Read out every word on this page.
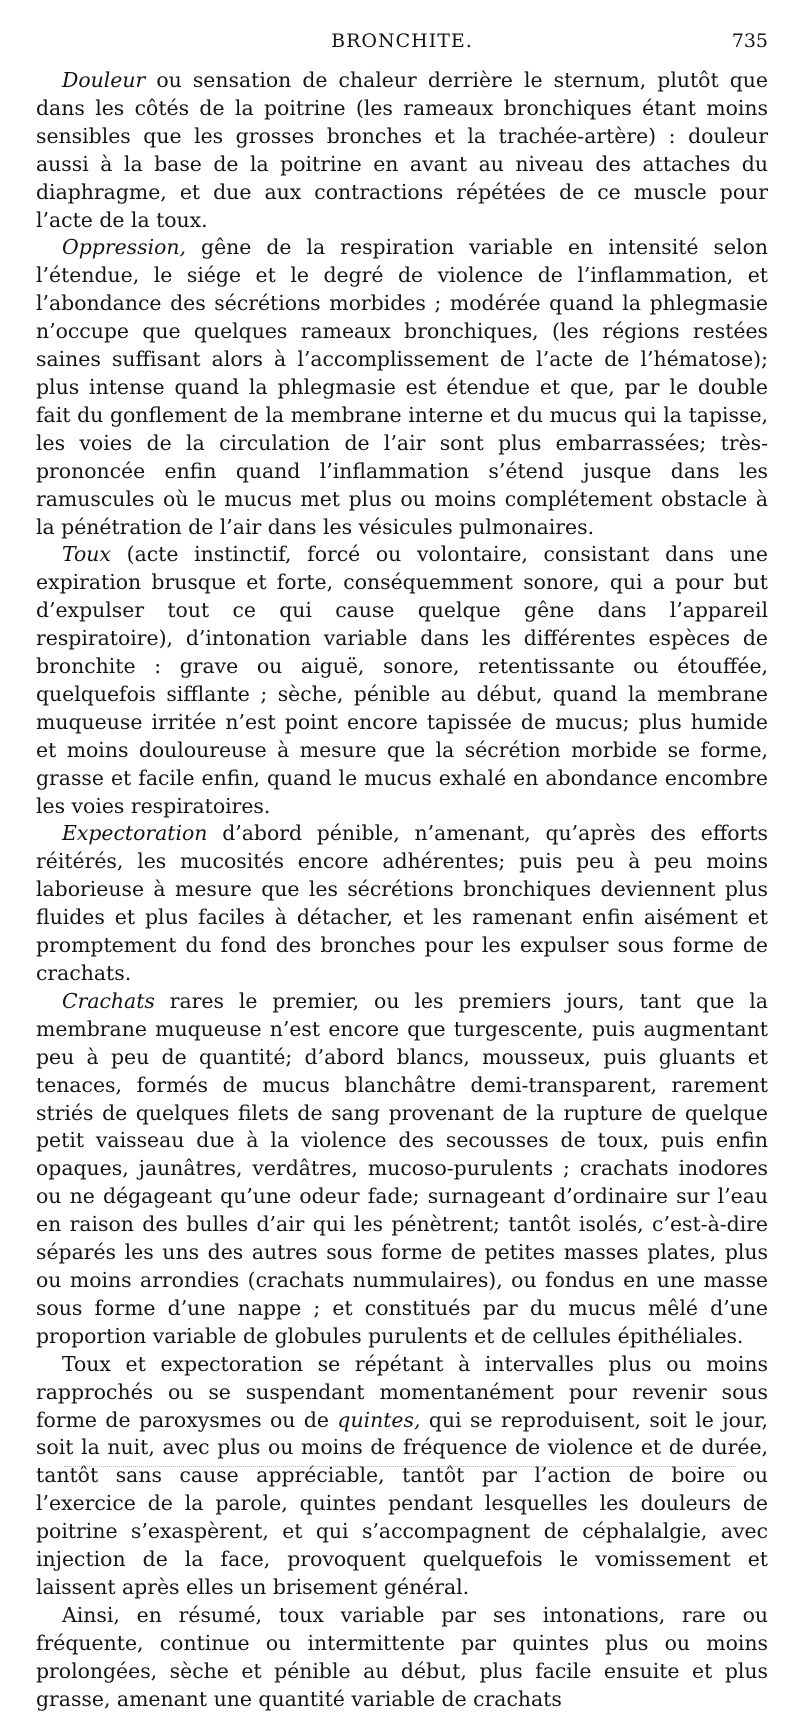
BRONCHITE.	735

Douleur ou sensation de chaleur derrière le sternum, plutôt que dans les côtés de la poitrine (les rameaux bronchiques étant moins sensibles que les grosses bronches et la trachée-artère) : douleur aussi à la base de la poitrine en avant au niveau des attaches du diaphragme, et due aux contractions répétées de ce muscle pour l’acte de la toux.

Oppression, gêne de la respiration variable en intensité selon l’étendue, le siége et le degré de violence de l’inflammation, et l’abondance des sécrétions morbides ; modérée quand la phlegmasie n’occupe que quelques rameaux bronchiques, (les régions restées saines suffisant alors à l’accomplissement de l’acte de l’hématose); plus intense quand la phlegmasie est étendue et que, par le double fait du gonflement de la membrane interne et du mucus qui la tapisse, les voies de la circulation de l’air sont plus embarrassées; très-prononcée enfin quand l’inflammation s’étend jusque dans les ramuscules où le mucus met plus ou moins complétement obstacle à la pénétration de l’air dans les vésicules pulmonaires.

Toux (acte instinctif, forcé ou volontaire, consistant dans une expiration brusque et forte, conséquemment sonore, qui a pour but d’expulser tout ce qui cause quelque gêne dans l’appareil respiratoire), d’intonation variable dans les différentes espèces de bronchite : grave ou aiguë, sonore, retentissante ou étouffée, quelquefois sifflante ; sèche, pénible au début, quand la membrane muqueuse irritée n’est point encore tapissée de mucus; plus humide et moins douloureuse à mesure que la sécrétion morbide se forme, grasse et facile enfin, quand le mucus exhalé en abondance encombre les voies respiratoires.

Expectoration d’abord pénible, n’amenant, qu’après des efforts réitérés, les mucosités encore adhérentes; puis peu à peu moins laborieuse à mesure que les sécrétions bronchiques deviennent plus fluides et plus faciles à détacher, et les ramenant enfin aisément et promptement du fond des bronches pour les expulser sous forme de crachats.

Crachats rares le premier, ou les premiers jours, tant que la membrane muqueuse n’est encore que turgescente, puis augmentant peu à peu de quantité; d’abord blancs, mousseux, puis gluants et tenaces, formés de mucus blanchâtre demi-transparent, rarement striés de quelques filets de sang provenant de la rupture de quelque petit vaisseau due à la violence des secousses de toux, puis enfin opaques, jaunâtres, verdâtres, mucoso-purulents ; crachats inodores ou ne dégageant qu’une odeur fade; surnageant d’ordinaire sur l’eau en raison des bulles d’air qui les pénètrent; tantôt isolés, c’est-à-dire séparés les uns des autres sous forme de petites masses plates, plus ou moins arrondies (crachats nummulaires), ou fondus en une masse sous forme d’une nappe ; et constitués par du mucus mêlé d’une proportion variable de globules purulents et de cellules épithéliales.

Toux et expectoration se répétant à intervalles plus ou moins rapprochés ou se suspendant momentanément pour revenir sous forme de paroxysmes ou de quintes, qui se reproduisent, soit le jour, soit la nuit, avec plus ou moins de fréquence de violence et de durée, tantôt sans cause appréciable, tantôt par l’action de boire ou l’exercice de la parole, quintes pendant lesquelles les douleurs de poitrine s’exaspèrent, et qui s’accompagnent de céphalalgie, avec injection de la face, provoquent quelquefois le vomissement et laissent après elles un brisement général.

Ainsi, en résumé, toux variable par ses intonations, rare ou fréquente, continue ou intermittente par quintes plus ou moins prolongées, sèche et pénible au début, plus facile ensuite et plus grasse, amenant une quantité variable de crachats
